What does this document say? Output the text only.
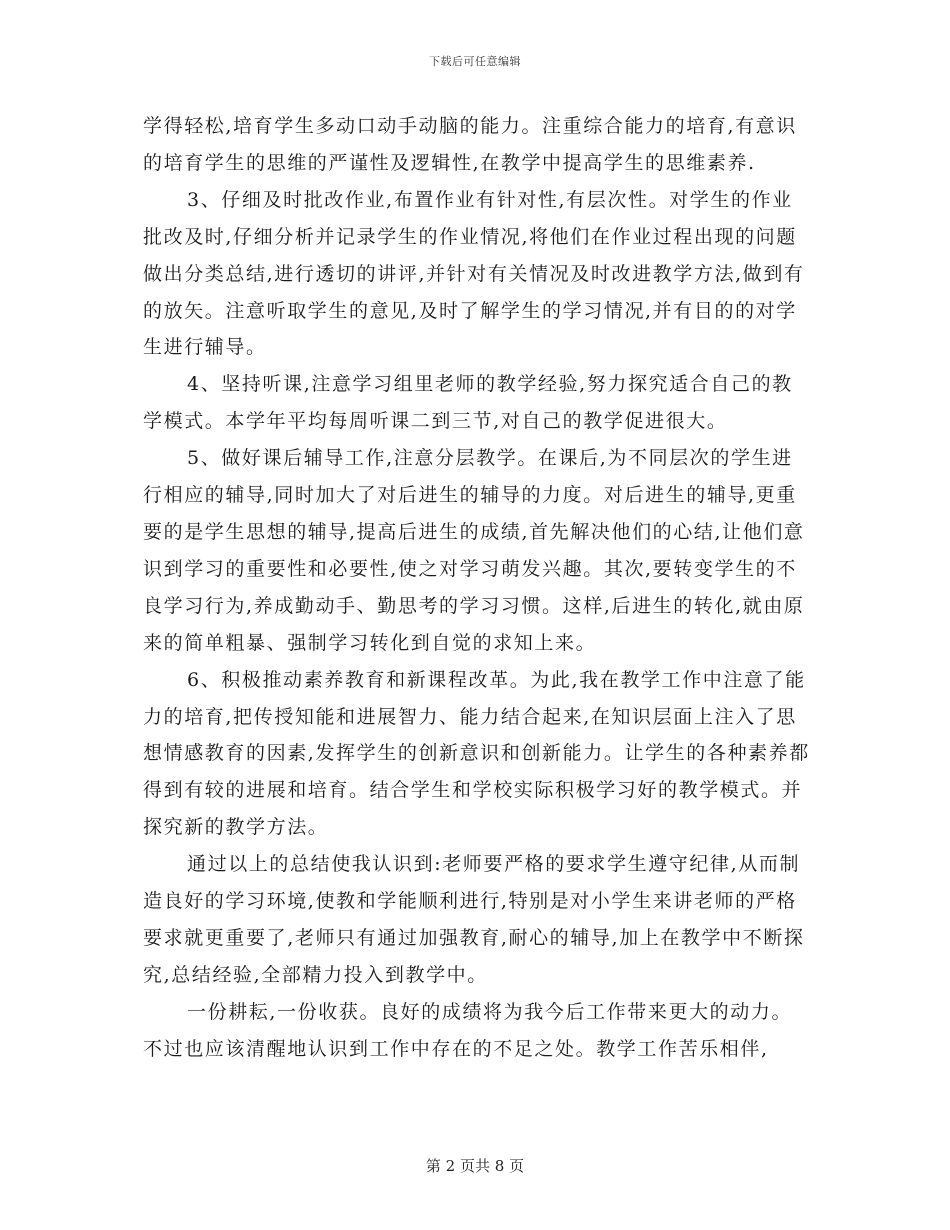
下载后可任意编辑

学得轻松,培育学生多动口动手动脑的能力。注重综合能力的培育,有意识的培育学生的思维的严谨性及逻辑性,在教学中提高学生的思维素养.

3、仔细及时批改作业,布置作业有针对性,有层次性。对学生的作业批改及时,仔细分析并记录学生的作业情况,将他们在作业过程出现的问题做出分类总结,进行透切的讲评,并针对有关情况及时改进教学方法,做到有的放矢。注意听取学生的意见,及时了解学生的学习情况,并有目的的对学生进行辅导。

4、坚持听课,注意学习组里老师的教学经验,努力探究适合自己的教学模式。本学年平均每周听课二到三节,对自己的教学促进很大。

5、做好课后辅导工作,注意分层教学。在课后,为不同层次的学生进行相应的辅导,同时加大了对后进生的辅导的力度。对后进生的辅导,更重要的是学生思想的辅导,提高后进生的成绩,首先解决他们的心结,让他们意识到学习的重要性和必要性,使之对学习萌发兴趣。其次,要转变学生的不良学习行为,养成勤动手、勤思考的学习习惯。这样,后进生的转化,就由原来的简单粗暴、强制学习转化到自觉的求知上来。

6、积极推动素养教育和新课程改革。为此,我在教学工作中注意了能力的培育,把传授知能和进展智力、能力结合起来,在知识层面上注入了思想情感教育的因素,发挥学生的创新意识和创新能力。让学生的各种素养都得到有较的进展和培育。结合学生和学校实际积极学习好的教学模式。并探究新的教学方法。

通过以上的总结使我认识到:老师要严格的要求学生遵守纪律,从而制造良好的学习环境,使教和学能顺利进行,特别是对小学生来讲老师的严格要求就更重要了,老师只有通过加强教育,耐心的辅导,加上在教学中不断探究,总结经验,全部精力投入到教学中。

一份耕耘,一份收获。良好的成绩将为我今后工作带来更大的动力。不过也应该清醒地认识到工作中存在的不足之处。教学工作苦乐相伴,

第 2 页共 8 页
